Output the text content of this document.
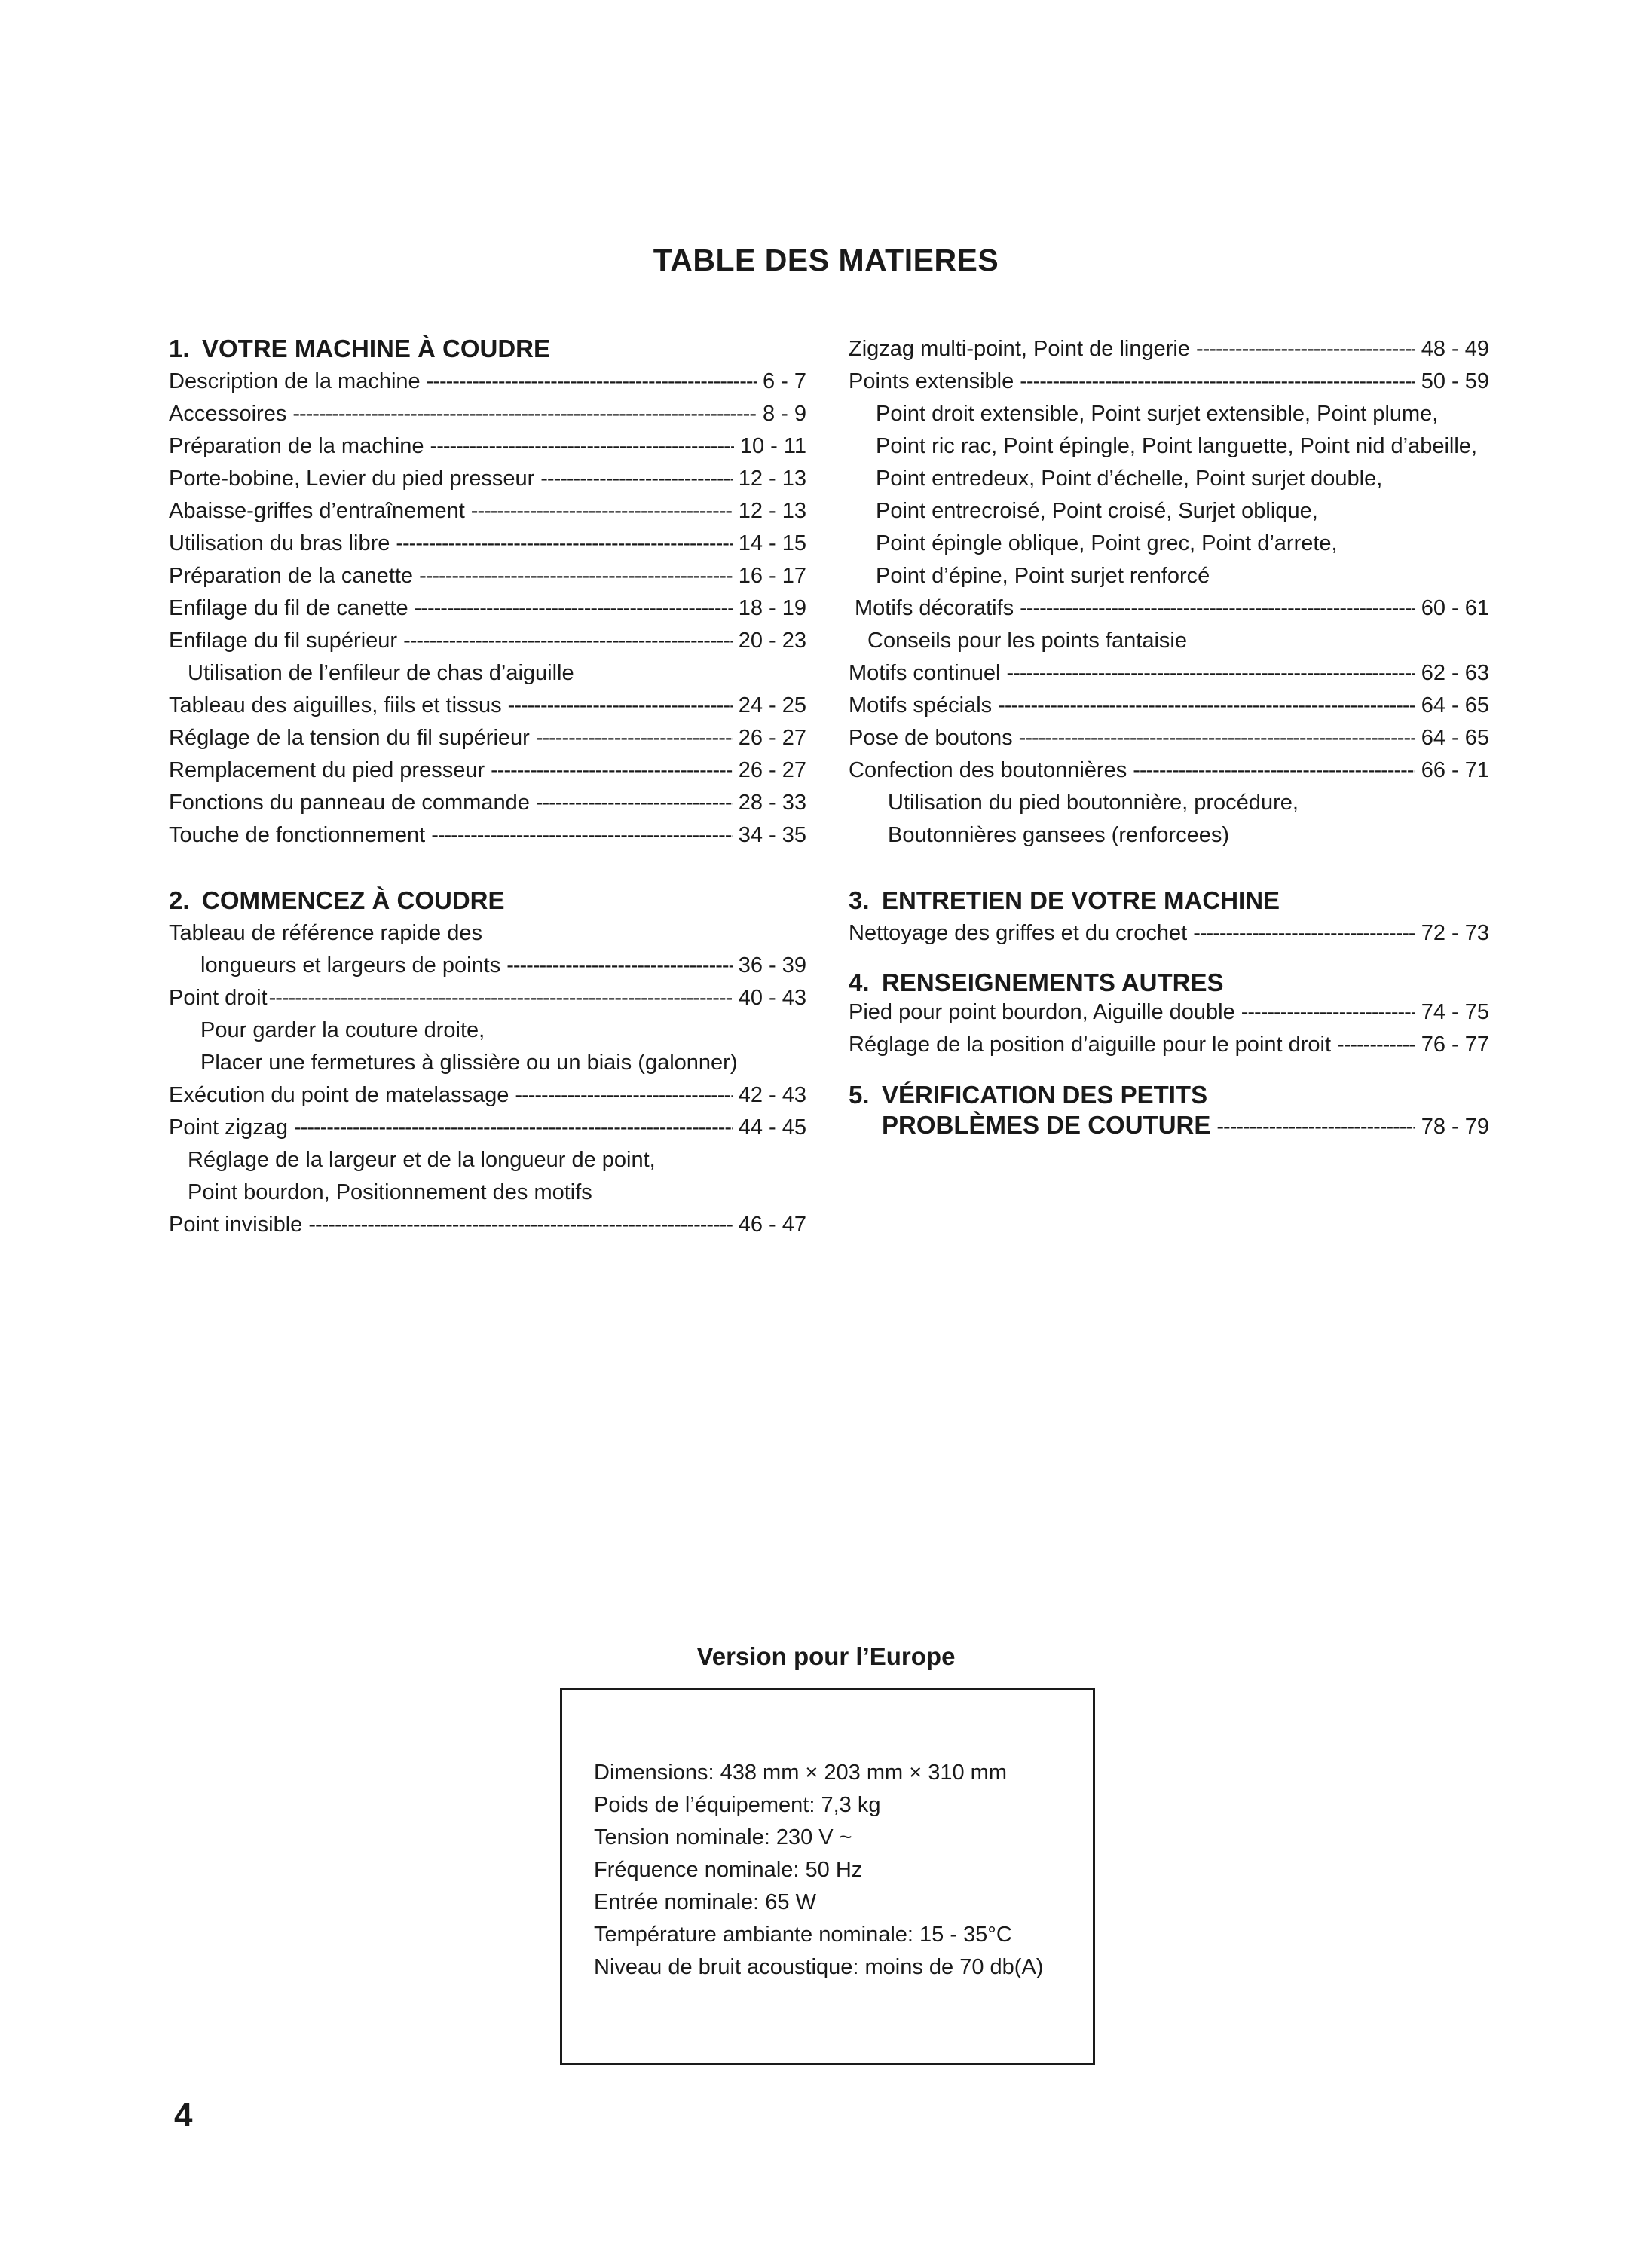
TABLE DES MATIERES
1. VOTRE MACHINE À COUDRE
Description de la machine -----	6 - 7
Accessoires -----	8 - 9
Préparation de la machine -----	10 - 11
Porte-bobine, Levier du pied presseur -----	12 - 13
Abaisse-griffes d’entraînement -----	12 - 13
Utilisation du bras libre -----	14 - 15
Préparation de la canette -----	16 - 17
Enfilage du fil de canette -----	18 - 19
Enfilage du fil supérieur -----	20 - 23
Utilisation de l’enfileur de chas d’aiguille
Tableau des aiguilles, fiils et tissus -----	24 - 25
Réglage de la tension du fil supérieur -----	26 - 27
Remplacement du pied presseur -----	26 - 27
Fonctions du panneau de commande -----	28 - 33
Touche de fonctionnement -----	34 - 35
2. COMMENCEZ À COUDRE
Tableau de référence rapide des
longueurs et largeurs de points -----	36 - 39
Point droit -----	40 - 43
Pour garder la couture droite,
Placer une fermetures à glissière ou un biais (galonner)
Exécution du point de matelassage -----	42 - 43
Point zigzag -----	44 - 45
Réglage de la largeur et de la longueur de point,
Point bourdon, Positionnement des motifs
Point invisible -----	46 - 47
Zigzag multi-point, Point de lingerie -----	48 - 49
Points extensible -----	50 - 59
Point droit extensible, Point surjet extensible, Point plume,
Point ric rac, Point épingle, Point languette, Point nid d’abeille,
Point entredeux, Point d’échelle, Point surjet double,
Point entrecroisé, Point croisé, Surjet oblique,
Point épingle oblique, Point grec, Point d’arrete,
Point d’épine, Point surjet renforcé
Motifs décoratifs -----	60 - 61
Conseils pour les points fantaisie
Motifs continuel -----	62 - 63
Motifs spécials -----	64 - 65
Pose de boutons -----	64 - 65
Confection des boutonnières -----	66 - 71
Utilisation du pied boutonnière, procédure,
Boutonnières gansees (renforcees)
3. ENTRETIEN DE VOTRE MACHINE
Nettoyage des griffes et du crochet -----	72 - 73
4. RENSEIGNEMENTS AUTRES
Pied pour point bourdon, Aiguille double -----	74 - 75
Réglage de la position d’aiguille pour le point droit -----	76 - 77
5. VÉRIFICATION DES PETITS
PROBLÈMES DE COUTURE -----	78 - 79
Version pour l’Europe
Dimensions: 438 mm × 203 mm × 310 mm
Poids de l’équipement: 7,3 kg
Tension nominale: 230 V ~
Fréquence nominale: 50 Hz
Entrée nominale: 65 W
Température ambiante nominale: 15 - 35°C
Niveau de bruit acoustique: moins de 70 db(A)
4
